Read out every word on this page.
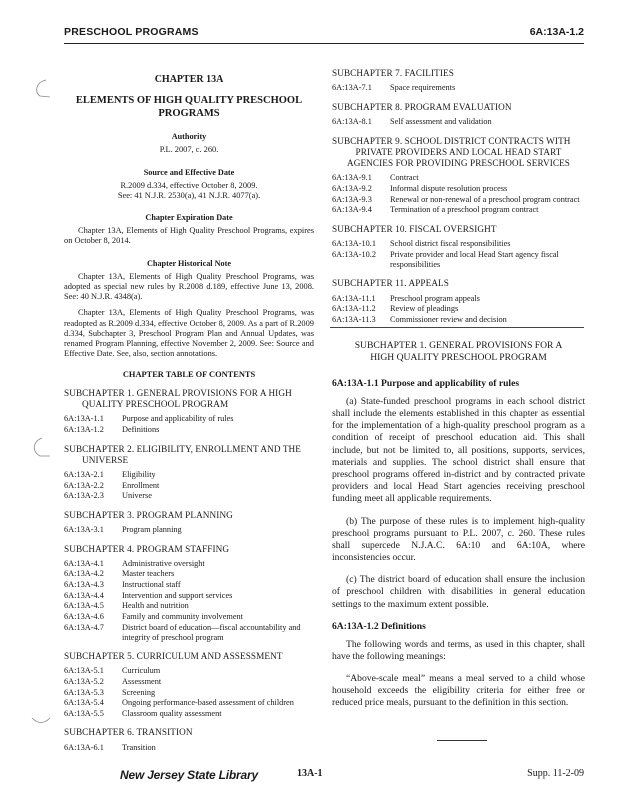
PRESCHOOL PROGRAMS	6A:13A-1.2
CHAPTER 13A
ELEMENTS OF HIGH QUALITY PRESCHOOL PROGRAMS
Authority
P.L. 2007, c. 260.
Source and Effective Date
R.2009 d.334, effective October 8, 2009.
See: 41 N.J.R. 2530(a), 41 N.J.R. 4077(a).
Chapter Expiration Date

Chapter 13A, Elements of High Quality Preschool Programs, expires on October 8, 2014.

Chapter Historical Note

Chapter 13A, Elements of High Quality Preschool Programs, was adopted as special new rules by R.2008 d.189, effective June 13, 2008. See: 40 N.J.R. 4348(a).

Chapter 13A, Elements of High Quality Preschool Programs, was readopted as R.2009 d.334, effective October 8, 2009. As a part of R.2009 d.334, Subchapter 3, Preschool Program Plan and Annual Updates, was renamed Program Planning, effective November 2, 2009. See: Source and Effective Date. See, also, section annotations.

CHAPTER TABLE OF CONTENTS
SUBCHAPTER 1. GENERAL PROVISIONS FOR A HIGH
QUALITY PRESCHOOL PROGRAM
6A:13A-1.1	Purpose and applicability of rules
6A:13A-1.2	Definitions
SUBCHAPTER 2. ELIGIBILITY, ENROLLMENT AND THE
UNIVERSE
6A:13A-2.1	Eligibility
6A:13A-2.2	Enrollment
6A:13A-2.3	Universe
SUBCHAPTER 3. PROGRAM PLANNING
6A:13A-3.1	Program planning
SUBCHAPTER 4. PROGRAM STAFFING
6A:13A-4.1	Administrative oversight
6A:13A-4.2	Master teachers
6A:13A-4.3	Instructional staff
6A:13A-4.4	Intervention and support services
6A:13A-4.5	Health and nutrition
6A:13A-4.6	Family and community involvement
6A:13A-4.7	District board of education—fiscal accountability and integrity of preschool program
SUBCHAPTER 5. CURRICULUM AND ASSESSMENT
6A:13A-5.1	Curriculum
6A:13A-5.2	Assessment
6A:13A-5.3	Screening
6A:13A-5.4	Ongoing performance-based assessment of children
6A:13A-5.5	Classroom quality assessment
SUBCHAPTER 6. TRANSITION
6A:13A-6.1	Transition
SUBCHAPTER 7. FACILITIES
6A:13A-7.1	Space requirements
SUBCHAPTER 8. PROGRAM EVALUATION
6A:13A-8.1	Self assessment and validation
SUBCHAPTER 9. SCHOOL DISTRICT CONTRACTS WITH
PRIVATE PROVIDERS AND LOCAL HEAD START AGENCIES FOR PROVIDING PRESCHOOL SERVICES
6A:13A-9.1	Contract
6A:13A-9.2	Informal dispute resolution process
6A:13A-9.3	Renewal or non-renewal of a preschool program contract
6A:13A-9.4	Termination of a preschool program contract
SUBCHAPTER 10. FISCAL OVERSIGHT
6A:13A-10.1	School district fiscal responsibilities
6A:13A-10.2	Private provider and local Head Start agency fiscal responsibilities
SUBCHAPTER 11. APPEALS
6A:13A-11.1	Preschool program appeals
6A:13A-11.2	Review of pleadings
6A:13A-11.3	Commissioner review and decision
SUBCHAPTER 1. GENERAL PROVISIONS FOR A
HIGH QUALITY PRESCHOOL PROGRAM
6A:13A-1.1 Purpose and applicability of rules

(a) State-funded preschool programs in each school district shall include the elements established in this chapter as essential for the implementation of a high-quality preschool program as a condition of receipt of preschool education aid. This shall include, but not be limited to, all positions, supports, services, materials and supplies. The school district shall ensure that preschool programs offered in-district and by contracted private providers and local Head Start agencies receiving preschool funding meet all applicable requirements.

(b) The purpose of these rules is to implement high-quality preschool programs pursuant to P.L. 2007, c. 260. These rules shall supercede N.J.A.C. 6A:10 and 6A:10A, where inconsistencies occur.

(c) The district board of education shall ensure the inclusion of preschool children with disabilities in general education settings to the maximum extent possible.

6A:13A-1.2 Definitions

The following words and terms, as used in this chapter, shall have the following meanings:

“Above-scale meal” means a meal served to a child whose household exceeds the eligibility criteria for either free or reduced price meals, pursuant to the definition in this section.

New Jersey State Library	13A-1	Supp. 11-2-09
